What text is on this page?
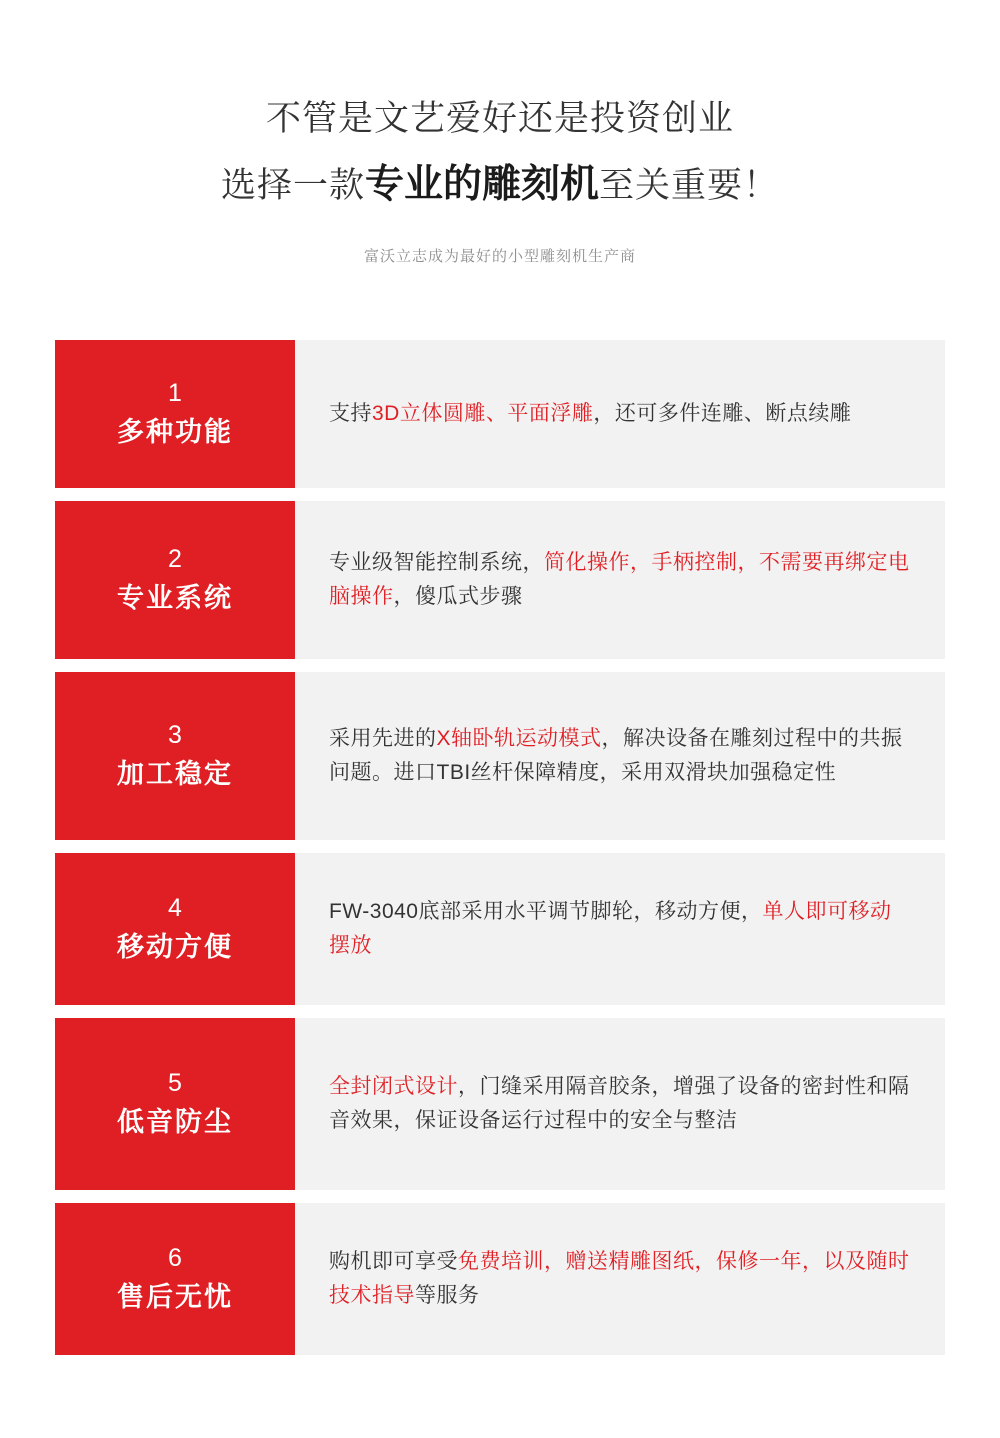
不管是文艺爱好还是投资创业
选择一款专业的雕刻机至关重要！
富沃立志成为最好的小型雕刻机生产商
1
多种功能
支持3D立体圆雕、平面浮雕，还可多件连雕、断点续雕
2
专业系统
专业级智能控制系统，简化操作，手柄控制，不需要再绑定电脑操作，傻瓜式步骤
3
加工稳定
采用先进的X轴卧轨运动模式，解决设备在雕刻过程中的共振问题。进口TBI丝杆保障精度，采用双滑块加强稳定性
4
移动方便
FW-3040底部采用水平调节脚轮，移动方便，单人即可移动摆放
5
低音防尘
全封闭式设计，门缝采用隔音胶条，增强了设备的密封性和隔音效果，保证设备运行过程中的安全与整洁
6
售后无忧
购机即可享受免费培训，赠送精雕图纸，保修一年，以及随时技术指导等服务
